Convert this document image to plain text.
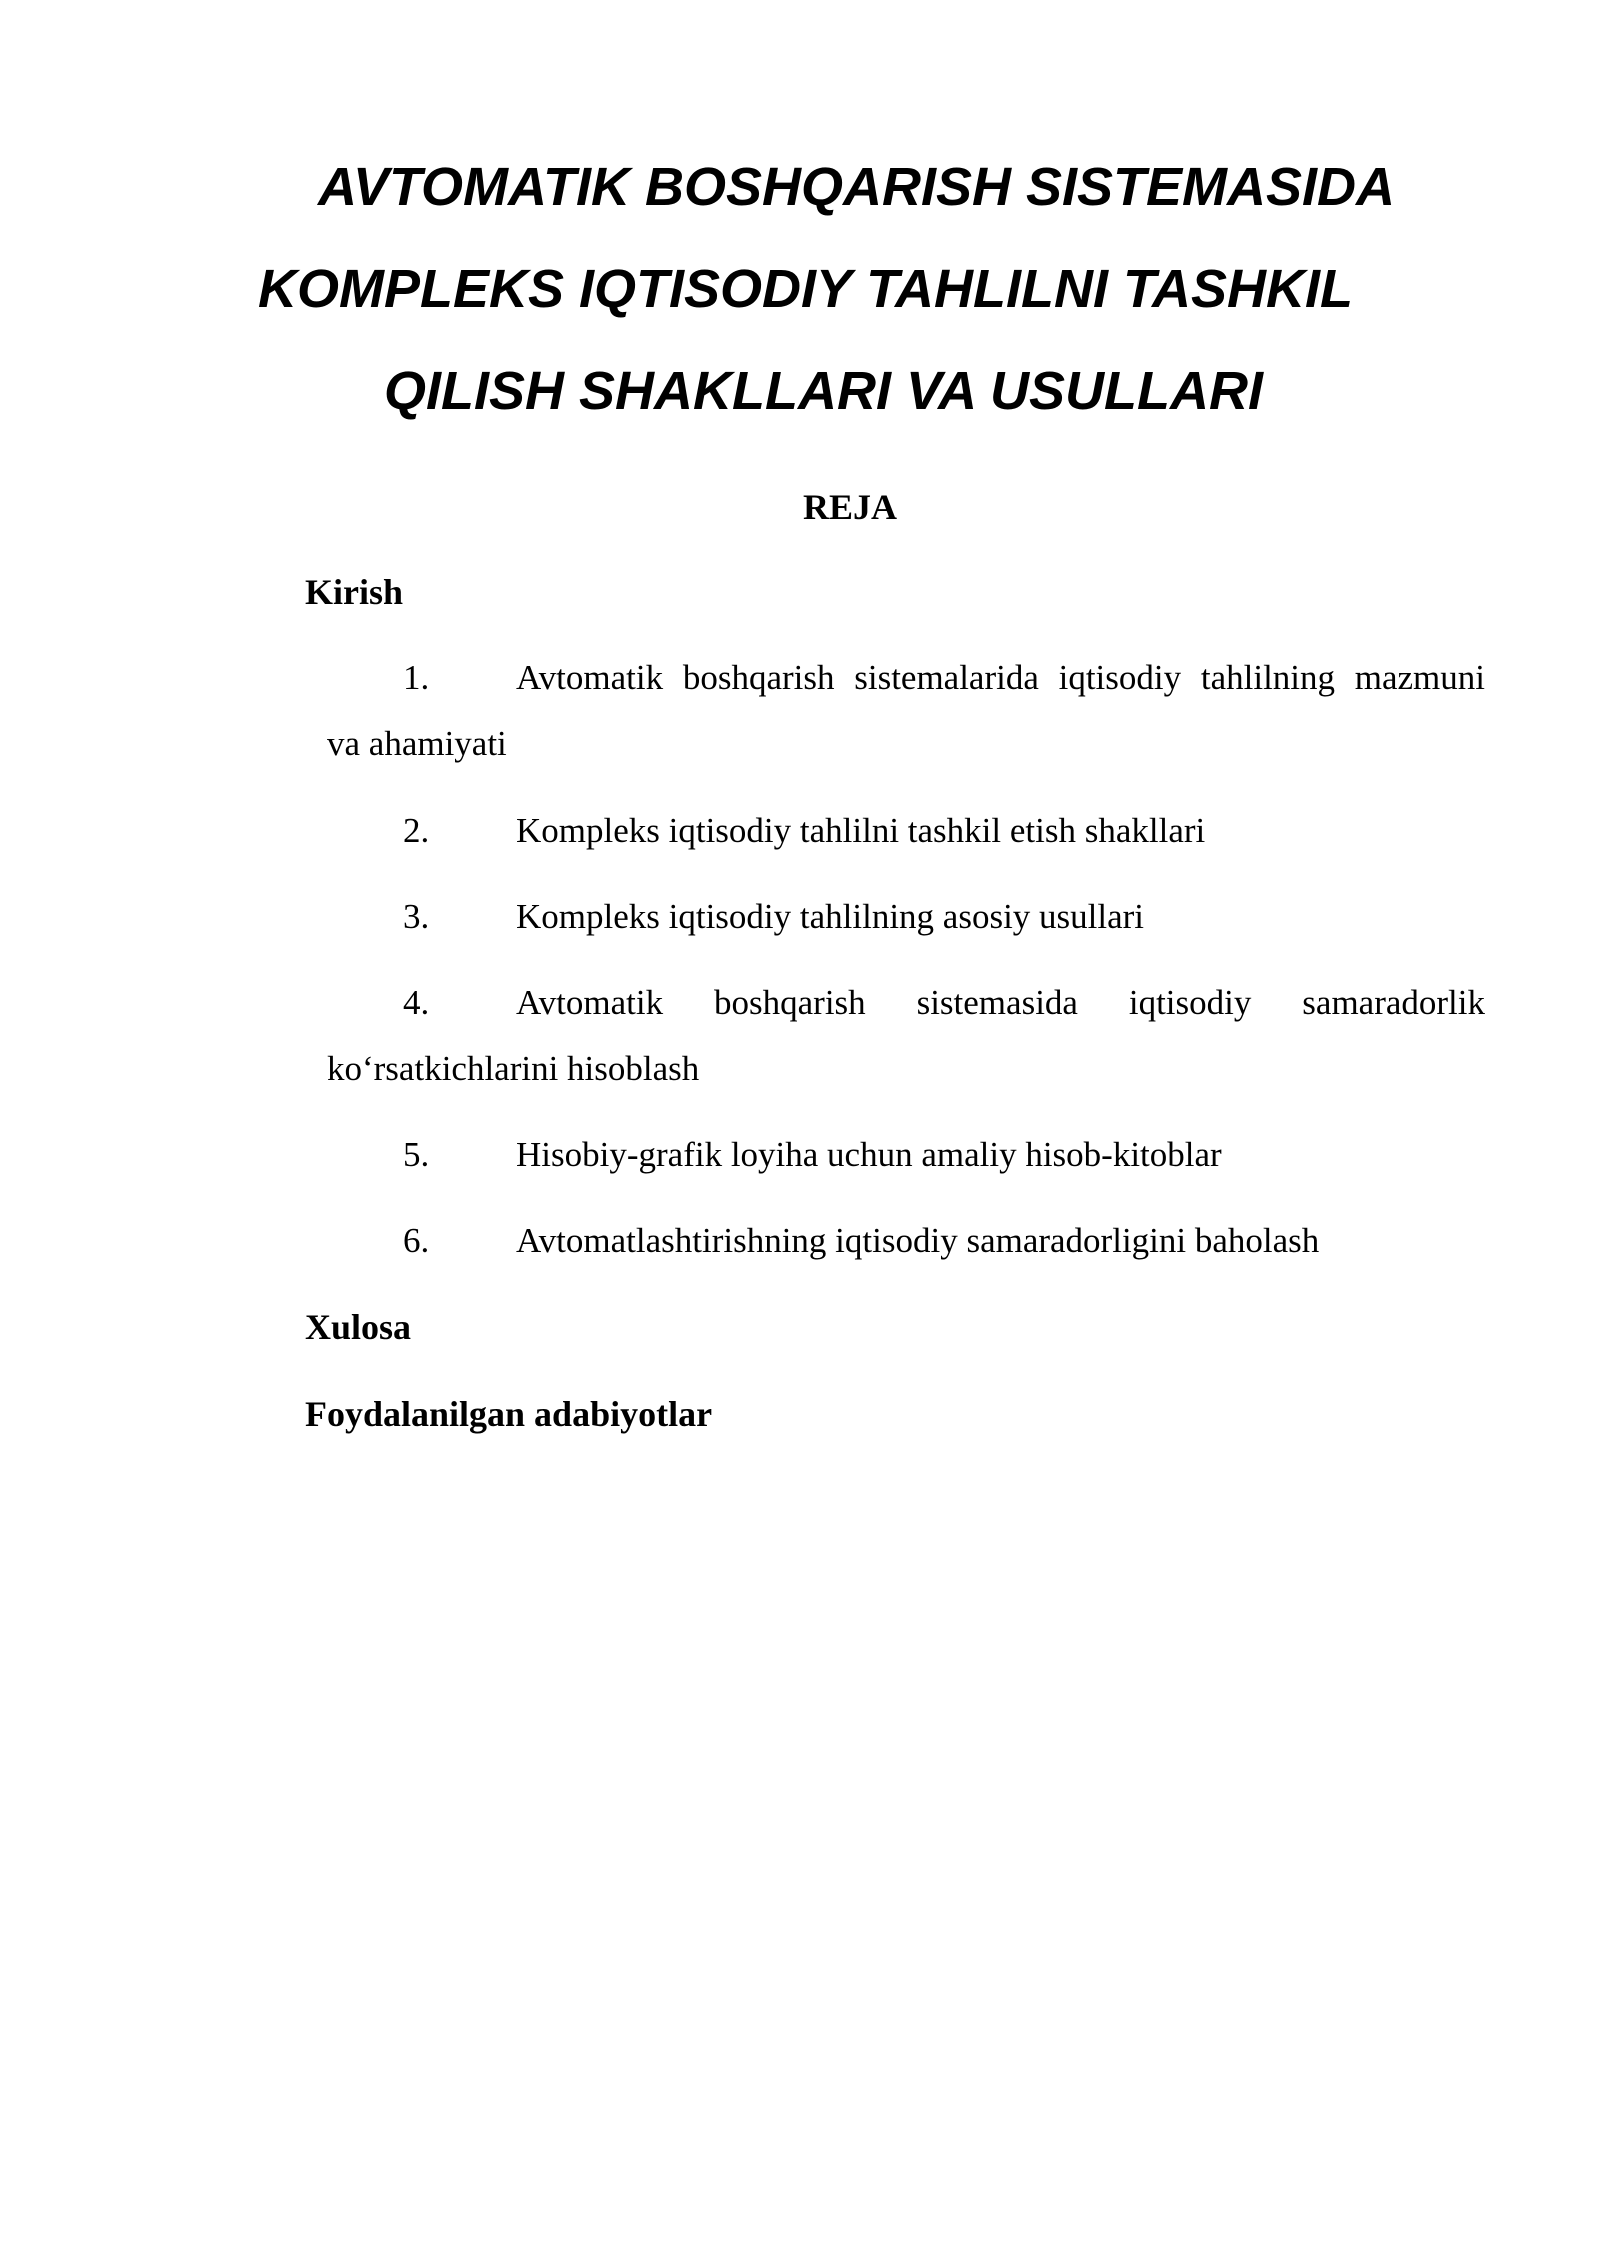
AVTOMATIK BOSHQARISH SISTEMASIDA
KOMPLEKS IQTISODIY TAHLILNI TASHKIL
QILISH SHAKLLARI VA USULLARI
REJA

Kirish

1.	Avtomatik boshqarish sistemalarida iqtisodiy tahlilning mazmuni
va ahamiyati
2.	Kompleks iqtisodiy tahlilni tashkil etish shakllari
3.	Kompleks iqtisodiy tahlilning asosiy usullari
4.	Avtomatik boshqarish sistemasida iqtisodiy samaradorlik
ko‘rsatkichlarini hisoblash
5.	Hisobiy-grafik loyiha uchun amaliy hisob-kitoblar
6.	Avtomatlashtirishning iqtisodiy samaradorligini baholash

Xulosa

Foydalanilgan adabiyotlar
